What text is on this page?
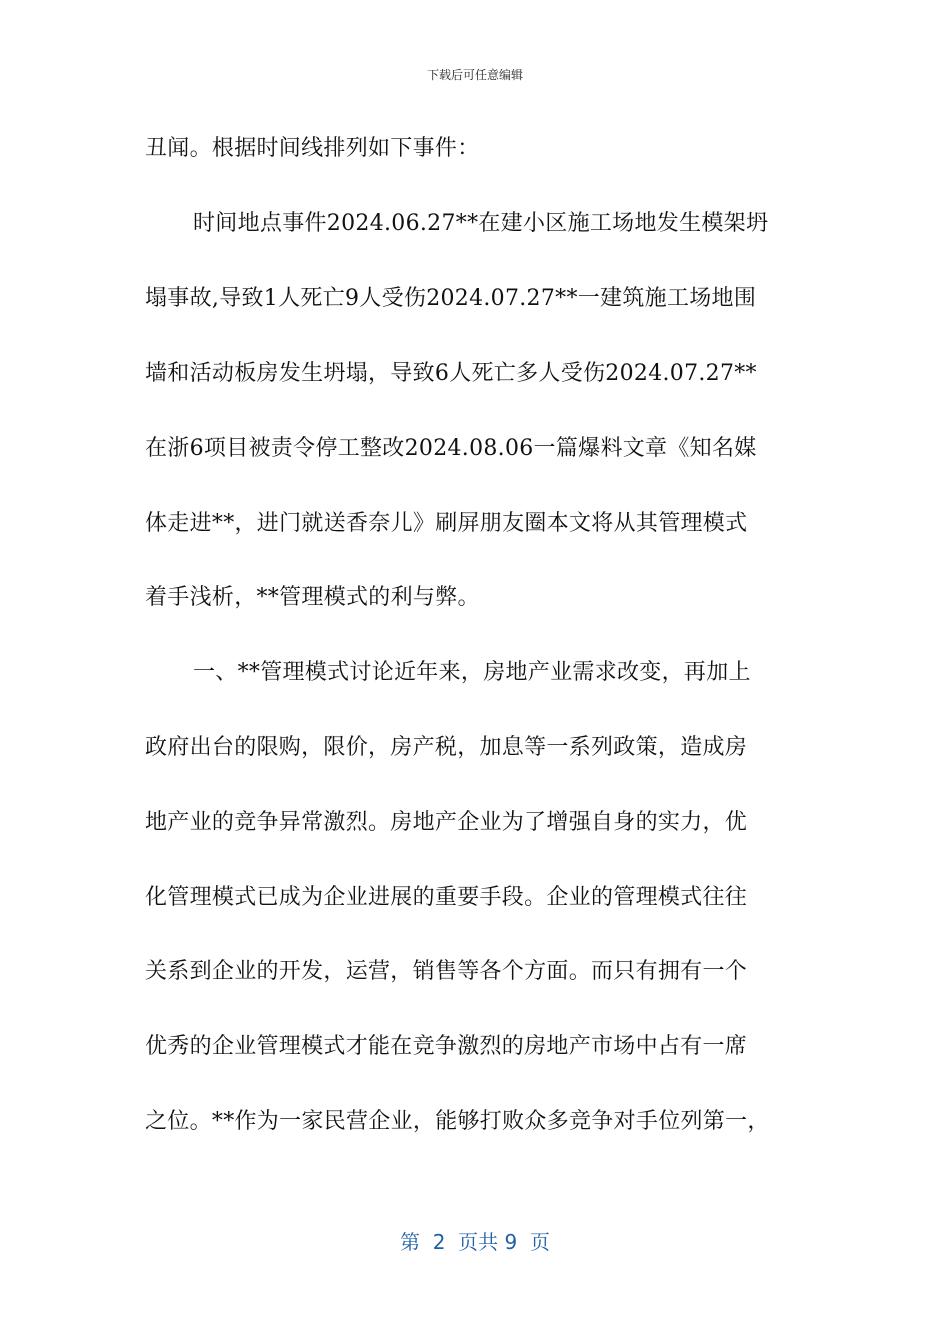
下载后可任意编辑
丑闻。根据时间线排列如下事件：
时间地点事件2024.06.27**在建小区施工场地发生模架坍
塌事故,导致1人死亡9人受伤2024.07.27**一建筑施工场地围
墙和活动板房发生坍塌，导致6人死亡多人受伤2024.07.27**
在浙6项目被责令停工整改2024.08.06一篇爆料文章《知名媒
体走进**，进门就送香奈儿》刷屏朋友圈本文将从其管理模式
着手浅析，**管理模式的利与弊。
一、**管理模式讨论近年来，房地产业需求改变，再加上
政府出台的限购，限价，房产税，加息等一系列政策，造成房
地产业的竞争异常激烈。房地产企业为了增强自身的实力，优
化管理模式已成为企业进展的重要手段。企业的管理模式往往
关系到企业的开发，运营，销售等各个方面。而只有拥有一个
优秀的企业管理模式才能在竞争激烈的房地产市场中占有一席
之位。**作为一家民营企业，能够打败众多竞争对手位列第一，
第  2  页共 9  页
